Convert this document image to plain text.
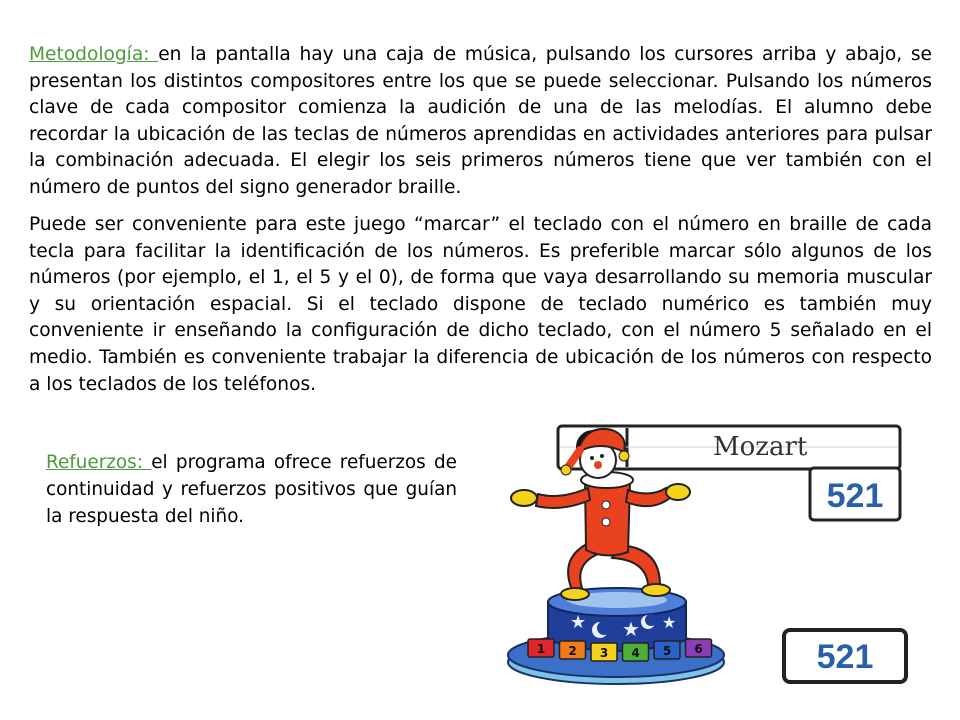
Metodología: en la pantalla hay una caja de música, pulsando los cursores arriba y abajo, se presentan los distintos compositores entre los que se puede seleccionar. Pulsando los números clave de cada compositor comienza la audición de una de las melodías. El alumno debe recordar la ubicación de las teclas de números aprendidas en actividades anteriores para pulsar la combinación adecuada. El elegir los seis primeros números tiene que ver también con el número de puntos del signo generador braille.

Puede ser conveniente para este juego “marcar” el teclado con el número en braille de cada tecla para facilitar la identificación de los números. Es preferible marcar sólo algunos de los números (por ejemplo, el 1, el 5 y el 0), de forma que vaya desarrollando su memoria muscular y su orientación espacial. Si el teclado dispone de teclado numérico es también muy conveniente ir enseñando la configuración de dicho teclado, con el número 5 señalado en el medio. También es conveniente trabajar la diferencia de ubicación de los números con respecto a los teclados de los teléfonos.

Refuerzos: el programa ofrece refuerzos de continuidad y refuerzos positivos que guían la respuesta del niño.

Mozart
521
521
★ ★ ★
1 2 3 4 5 6
